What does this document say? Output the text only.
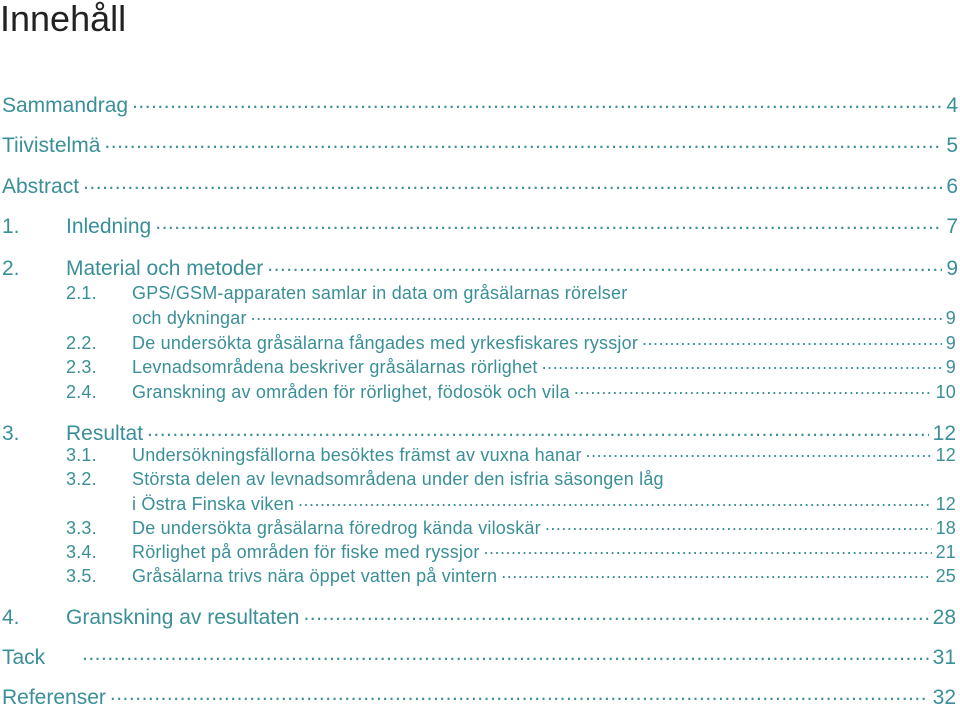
Innehåll
Sammandrag .....	4
Tiivistelmä .....	5
Abstract .....	6
1.	Inledning .....	7
2.	Material och metoder .....	9
2.1.	GPS/GSM-apparaten samlar in data om gråsälarnas rörelser
och dykningar .....	9
2.2.	De undersökta gråsälarna fångades med yrkesfiskares ryssjor .....	9
2.3.	Levnadsområdena beskriver gråsälarnas rörlighet .....	9
2.4.	Granskning av områden för rörlighet, födosök och vila .....	10
3.	Resultat .....	12
3.1.	Undersökningsfällorna besöktes främst av vuxna hanar .....	12
3.2.	Största delen av levnadsområdena under den isfria säsongen låg
i Östra Finska viken .....	12
3.3.	De undersökta gråsälarna föredrog kända viloskär .....	18
3.4.	Rörlighet på områden för fiske med ryssjor .....	21
3.5.	Gråsälarna trivs nära öppet vatten på vintern .....	25
4.	Granskning av resultaten .....	28
Tack .....	31
Referenser .....	32
